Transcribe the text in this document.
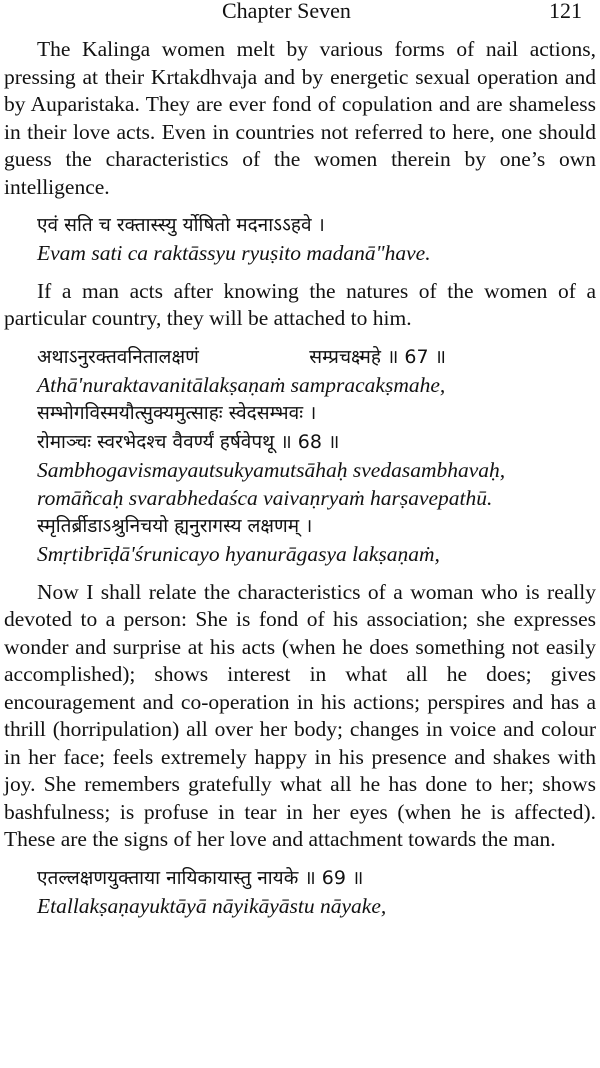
Chapter Seven	121

The Kalinga women melt by various forms of nail actions, pressing at their Krtakdhvaja and by energetic sexual operation and by Auparistaka. They are ever fond of copulation and are shameless in their love acts. Even in countries not referred to here, one should guess the characteristics of the women therein by one’s own intelligence.

एवं सति च रक्तास्स्यु र्योषितो मदनाऽऽहवे ।

Evam sati ca raktāssyu ryuṣito madanā"have.

If a man acts after knowing the natures of the women of a particular country, they will be attached to him.

अथाऽनुरक्तवनितालक्षणं	सम्प्रचक्ष्महे ॥ 67 ॥

Athā'nuraktavanitālakṣaṇaṁ sampracakṣmahe,

सम्भोगविस्मयौत्सुक्यमुत्साहः स्वेदसम्भवः ।

रोमाञ्चः स्वरभेदश्च वैवर्ण्यं हर्षवेपथू ॥ 68 ॥

Sambhogavismayautsukyamutsāhaḥ svedasambhavaḥ,

romāñcaḥ svarabhedaśca vaivaṇryaṁ harṣavepathū.

स्मृतिर्ब्रीडाऽश्रुनिचयो ह्यनुरागस्य लक्षणम् ।

Smṛtibrīḍā'śrunicayo hyanurāgasya lakṣaṇaṁ,

Now I shall relate the characteristics of a woman who is really devoted to a person: She is fond of his association; she expresses wonder and surprise at his acts (when he does something not easily accomplished); shows interest in what all he does; gives encouragement and co-operation in his actions; perspires and has a thrill (horripulation) all over her body; changes in voice and colour in her face; feels extremely happy in his presence and shakes with joy. She remembers gratefully what all he has done to her; shows bashfulness; is profuse in tear in her eyes (when he is affected). These are the signs of her love and attachment towards the man.

एतल्लक्षणयुक्ताया नायिकायास्तु नायके ॥ 69 ॥

Etallakṣaṇayuktāyā nāyikāyāstu nāyake,
